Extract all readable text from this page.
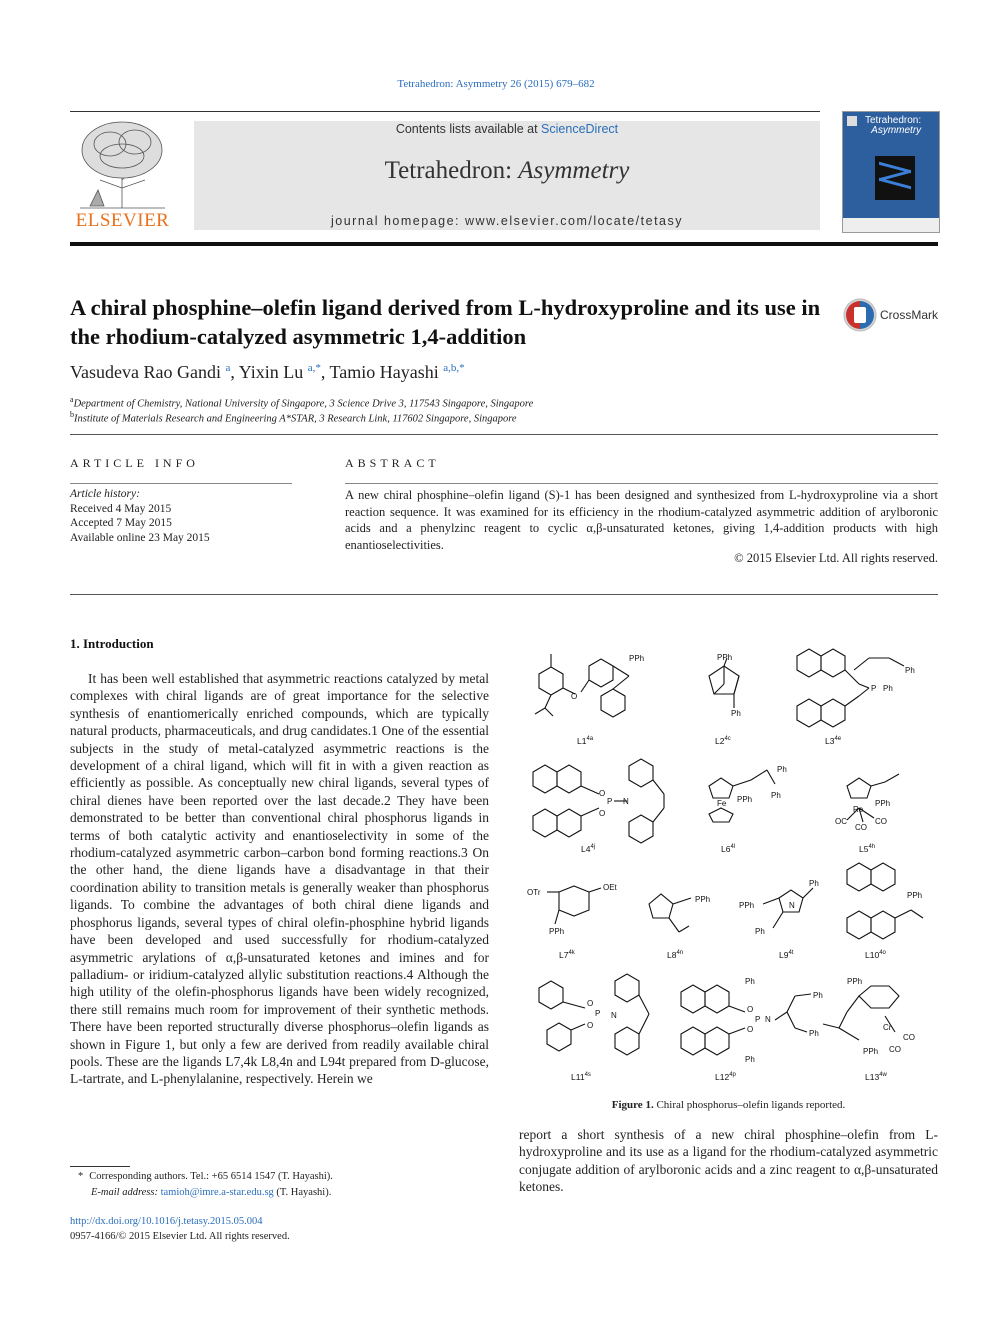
Tetrahedron: Asymmetry 26 (2015) 679–682
ELSEVIER
Contents lists available at ScienceDirect
Tetrahedron: Asymmetry
journal homepage: www.elsevier.com/locate/tetasy
Tetrahedron:
Asymmetry
A chiral phosphine–olefin ligand derived from L-hydroxyproline and its use in the rhodium-catalyzed asymmetric 1,4-addition
CrossMark
Vasudeva Rao Gandi $^a$, Yixin Lu $^{a,*}$, Tamio Hayashi $^{a,b,*}$
$^a$Department of Chemistry, National University of Singapore, 3 Science Drive 3, 117543 Singapore, Singapore
$^b$Institute of Materials Research and Engineering A*STAR, 3 Research Link, 117602 Singapore, Singapore
ARTICLE INFO
Article history:
Received 4 May 2015
Accepted 7 May 2015
Available online 23 May 2015
ABSTRACT
A new chiral phosphine–olefin ligand (S)-1 has been designed and synthesized from L-hydroxyproline via a short reaction sequence. It was examined for its efficiency in the rhodium-catalyzed asymmetric addition of arylboronic acids and a phenylzinc reagent to cyclic α,β-unsaturated ketones, giving 1,4-addition products with high enantioselectivities.
© 2015 Elsevier Ltd. All rights reserved.
1. Introduction

It has been well established that asymmetric reactions catalyzed by metal complexes with chiral ligands are of great importance for the selective synthesis of enantiomerically enriched compounds, which are typically natural products, pharmaceuticals, and drug candidates.1 One of the essential subjects in the study of metal-catalyzed asymmetric reactions is the development of a chiral ligand, which will fit in with a given reaction as efficiently as possible. As conceptually new chiral ligands, several types of chiral dienes have been reported over the last decade.2 They have been demonstrated to be better than conventional chiral phosphorus ligands in terms of both catalytic activity and enantioselectivity in some of the rhodium-catalyzed asymmetric carbon–carbon bond forming reactions.3 On the other hand, the diene ligands have a disadvantage in that their coordination ability to transition metals is generally weaker than phosphorus ligands. To combine the advantages of both chiral diene ligands and phosphorus ligands, several types of chiral olefin-phosphine hybrid ligands have been developed and used successfully for rhodium-catalyzed asymmetric arylations of α,β-unsaturated ketones and imines and for palladium- or iridium-catalyzed allylic substitution reactions.4 Although the high utility of the olefin-phosphorus ligands have been widely recognized, there still remains much room for improvement of their synthetic methods. There have been reported structurally diverse phosphorus–olefin ligands as shown in Figure 1, but only a few are derived from readily available chiral pools. These are the ligands L7,4k L8,4n and L94t prepared from D-glucose, L-tartrate, and L-phenylalanine, respectively. Herein we

PPh
O
PPh
Ph
Ph
P Ph
O
P
O
N	Fe PPh
Ph
Ph
Re
PPh
OC
CO
CO
OTr
OEt
PPh
PPh
PPh	N
Ph
Ph
PPh
O
P
O
N
Ph
O
P
O
N
Ph
Ph
Ph
PPh
Cr
CO
CO
PPh
$L1^{4a}$	$L2^{4c}$	$L3^{4e}$
$L4^{4j}$	$L6^{4l}$	$L5^{4h}$
$L7^{4k}$	$L8^{4n}$	$L9^{4t}$	$L10^{4o}$
$L11^{4s}$	$L12^{4p}$	$L13^{4w}$
Figure 1. Chiral phosphorus–olefin ligands reported.
report a short synthesis of a new chiral phosphine–olefin from L-hydroxyproline and its use as a ligand for the rhodium-catalyzed asymmetric conjugate addition of arylboronic acids and a zinc reagent to α,β-unsaturated ketones.
* Corresponding authors. Tel.: +65 6514 1547 (T. Hayashi).
E-mail address: tamioh@imre.a-star.edu.sg (T. Hayashi).
http://dx.doi.org/10.1016/j.tetasy.2015.05.004
0957-4166/© 2015 Elsevier Ltd. All rights reserved.
